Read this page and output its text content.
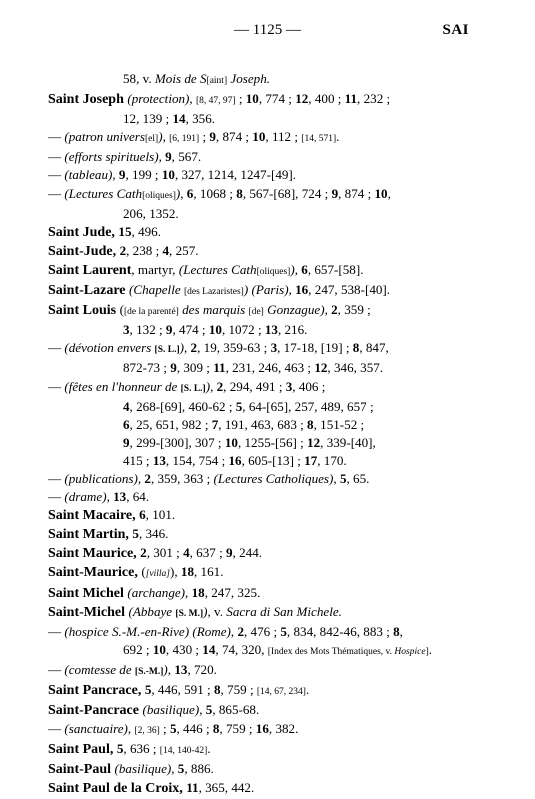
— 1125 —	SAI
58, v. Mois de S[aint] Joseph.
Saint Joseph (protection), [8, 47, 97] ; 10, 774 ; 12, 400 ; 11, 232 ;
12, 139 ; 14, 356.
— (patron univers[el]), [6, 191] ; 9, 874 ; 10, 112 ; [14, 571].
— (efforts spirituels), 9, 567.
— (tableau), 9, 199 ; 10, 327, 1214, 1247-[49].
— (Lectures Cath[oliques]), 6, 1068 ; 8, 567-[68], 724 ; 9, 874 ; 10,
206, 1352.
Saint Jude, 15, 496.
Saint-Jude, 2, 238 ; 4, 257.
Saint Laurent, martyr, (Lectures Cath[oliques]), 6, 657-[58].
Saint-Lazare (Chapelle [des Lazaristes]) (Paris), 16, 247, 538-[40].
Saint Louis ([de la parenté] des marquis [de] Gonzague), 2, 359 ;
3, 132 ; 9, 474 ; 10, 1072 ; 13, 216.
— (dévotion envers [S. L.]), 2, 19, 359-63 ; 3, 17-18, [19] ; 8, 847,
872-73 ; 9, 309 ; 11, 231, 246, 463 ; 12, 346, 357.
— (fêtes en l'honneur de [S. L.]), 2, 294, 491 ; 3, 406 ;
4, 268-[69], 460-62 ; 5, 64-[65], 257, 489, 657 ;
6, 25, 651, 982 ; 7, 191, 463, 683 ; 8, 151-52 ;
9, 299-[300], 307 ; 10, 1255-[56] ; 12, 339-[40],
415 ; 13, 154, 754 ; 16, 605-[13] ; 17, 170.
— (publications), 2, 359, 363 ; (Lectures Catholiques), 5, 65.
— (drame), 13, 64.
Saint Macaire, 6, 101.
Saint Martin, 5, 346.
Saint Maurice, 2, 301 ; 4, 637 ; 9, 244.
Saint-Maurice, ([villa]), 18, 161.
Saint Michel (archange), 18, 247, 325.
Saint-Michel (Abbaye [S. M.]), v. Sacra di San Michele.
— (hospice S.-M.-en-Rive) (Rome), 2, 476 ; 5, 834, 842-46, 883 ; 8,
692 ; 10, 430 ; 14, 74, 320, [Index des Mots Thématiques, v. Hospice].
— (comtesse de [S.-M.]), 13, 720.
Saint Pancrace, 5, 446, 591 ; 8, 759 ; [14, 67, 234].
Saint-Pancrace (basilique), 5, 865-68.
— (sanctuaire), [2, 36] ; 5, 446 ; 8, 759 ; 16, 382.
Saint Paul, 5, 636 ; [14, 140-42].
Saint-Paul (basilique), 5, 886.
Saint Paul de la Croix, 11, 365, 442.
